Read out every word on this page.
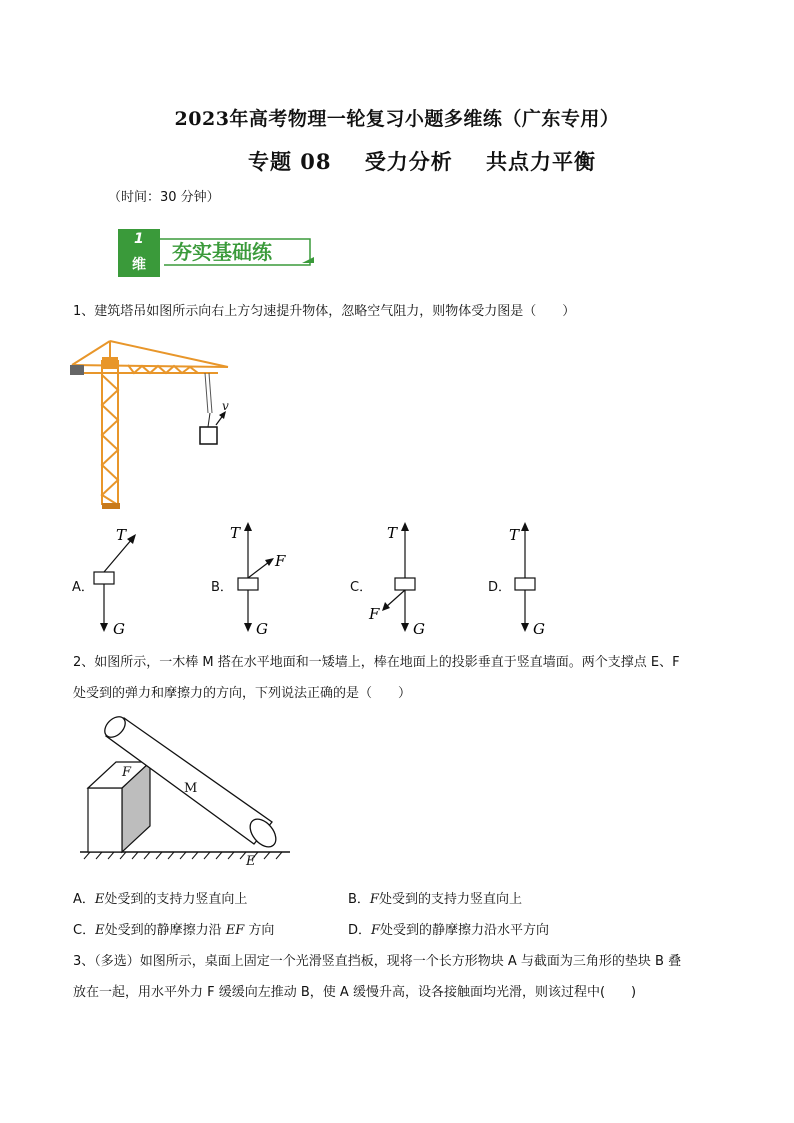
2023年高考物理一轮复习小题多维练（广东专用）
专题 08    受力分析    共点力平衡
（时间：30 分钟）
1
维
夯实基础练
1、建筑塔吊如图所示向右上方匀速提升物体，忽略空气阻力，则物体受力图是（　　）
v
A．
T
G
B．
T
F
G
C．
T
F
G
D．
T
G
2、如图所示，一木棒 M 搭在水平地面和一矮墙上，棒在地面上的投影垂直于竖直墙面。两个支撑点 E、F
处受到的弹力和摩擦力的方向，下列说法正确的是（　　）
F
M
E
A．E处受到的支持力竖直向上	B．F处受到的支持力竖直向上
C．E处受到的静摩擦力沿 EF 方向	D．F处受到的静摩擦力沿水平方向
3、（多选）如图所示，桌面上固定一个光滑竖直挡板，现将一个长方形物块 A 与截面为三角形的垫块 B 叠
放在一起，用水平外力 F 缓缓向左推动 B，使 A 缓慢升高，设各接触面均光滑，则该过程中(　　)
